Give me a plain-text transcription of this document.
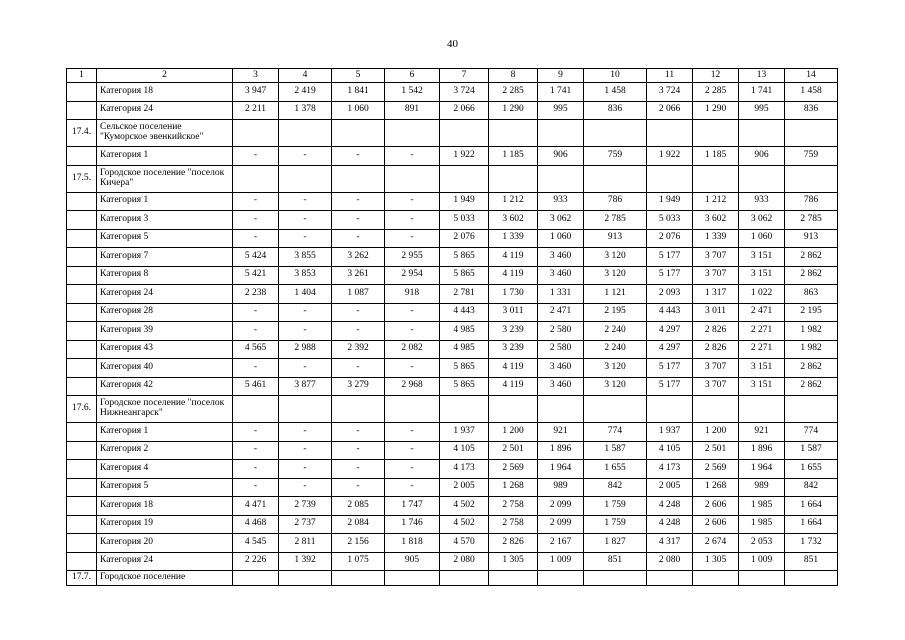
40
1	2	3	4	5	6	7	8	9	10	11	12	13	14
	Категория 18	3 947	2 419	1 841	1 542	3 724	2 285	1 741	1 458	3 724	2 285	1 741	1 458
	Категория 24	2 211	1 378	1 060	891	2 066	1 290	995	836	2 066	1 290	995	836
17.4.	Сельское поселение "Куморское эвенкийское"												
	Категория 1	-	-	-	-	1 922	1 185	906	759	1 922	1 185	906	759
17.5.	Городское поселение "поселок Кичера"												
	Категория 1	-	-	-	-	1 949	1 212	933	786	1 949	1 212	933	786
	Категория 3	-	-	-	-	5 033	3 602	3 062	2 785	5 033	3 602	3 062	2 785
	Категория 5	-	-	-	-	2 076	1 339	1 060	913	2 076	1 339	1 060	913
	Категория 7	5 424	3 855	3 262	2 955	5 865	4 119	3 460	3 120	5 177	3 707	3 151	2 862
	Категория 8	5 421	3 853	3 261	2 954	5 865	4 119	3 460	3 120	5 177	3 707	3 151	2 862
	Категория 24	2 238	1 404	1 087	918	2 781	1 730	1 331	1 121	2 093	1 317	1 022	863
	Категория 28	-	-	-	-	4 443	3 011	2 471	2 195	4 443	3 011	2 471	2 195
	Категория 39	-	-	-	-	4 985	3 239	2 580	2 240	4 297	2 826	2 271	1 982
	Категория 43	4 565	2 988	2 392	2 082	4 985	3 239	2 580	2 240	4 297	2 826	2 271	1 982
	Категория 40	-	-	-	-	5 865	4 119	3 460	3 120	5 177	3 707	3 151	2 862
	Категория 42	5 461	3 877	3 279	2 968	5 865	4 119	3 460	3 120	5 177	3 707	3 151	2 862
17.6.	Городское поселение "поселок Нижнеангарск"												
	Категория 1	-	-	-	-	1 937	1 200	921	774	1 937	1 200	921	774
	Категория 2	-	-	-	-	4 105	2 501	1 896	1 587	4 105	2 501	1 896	1 587
	Категория 4	-	-	-	-	4 173	2 569	1 964	1 655	4 173	2 569	1 964	1 655
	Категория 5	-	-	-	-	2 005	1 268	989	842	2 005	1 268	989	842
	Категория 18	4 471	2 739	2 085	1 747	4 502	2 758	2 099	1 759	4 248	2 606	1 985	1 664
	Категория 19	4 468	2 737	2 084	1 746	4 502	2 758	2 099	1 759	4 248	2 606	1 985	1 664
	Категория 20	4 545	2 811	2 156	1 818	4 570	2 826	2 167	1 827	4 317	2 674	2 053	1 732
	Категория 24	2 226	1 392	1 075	905	2 080	1 305	1 009	851	2 080	1 305	1 009	851
17.7.	Городское поселение												
